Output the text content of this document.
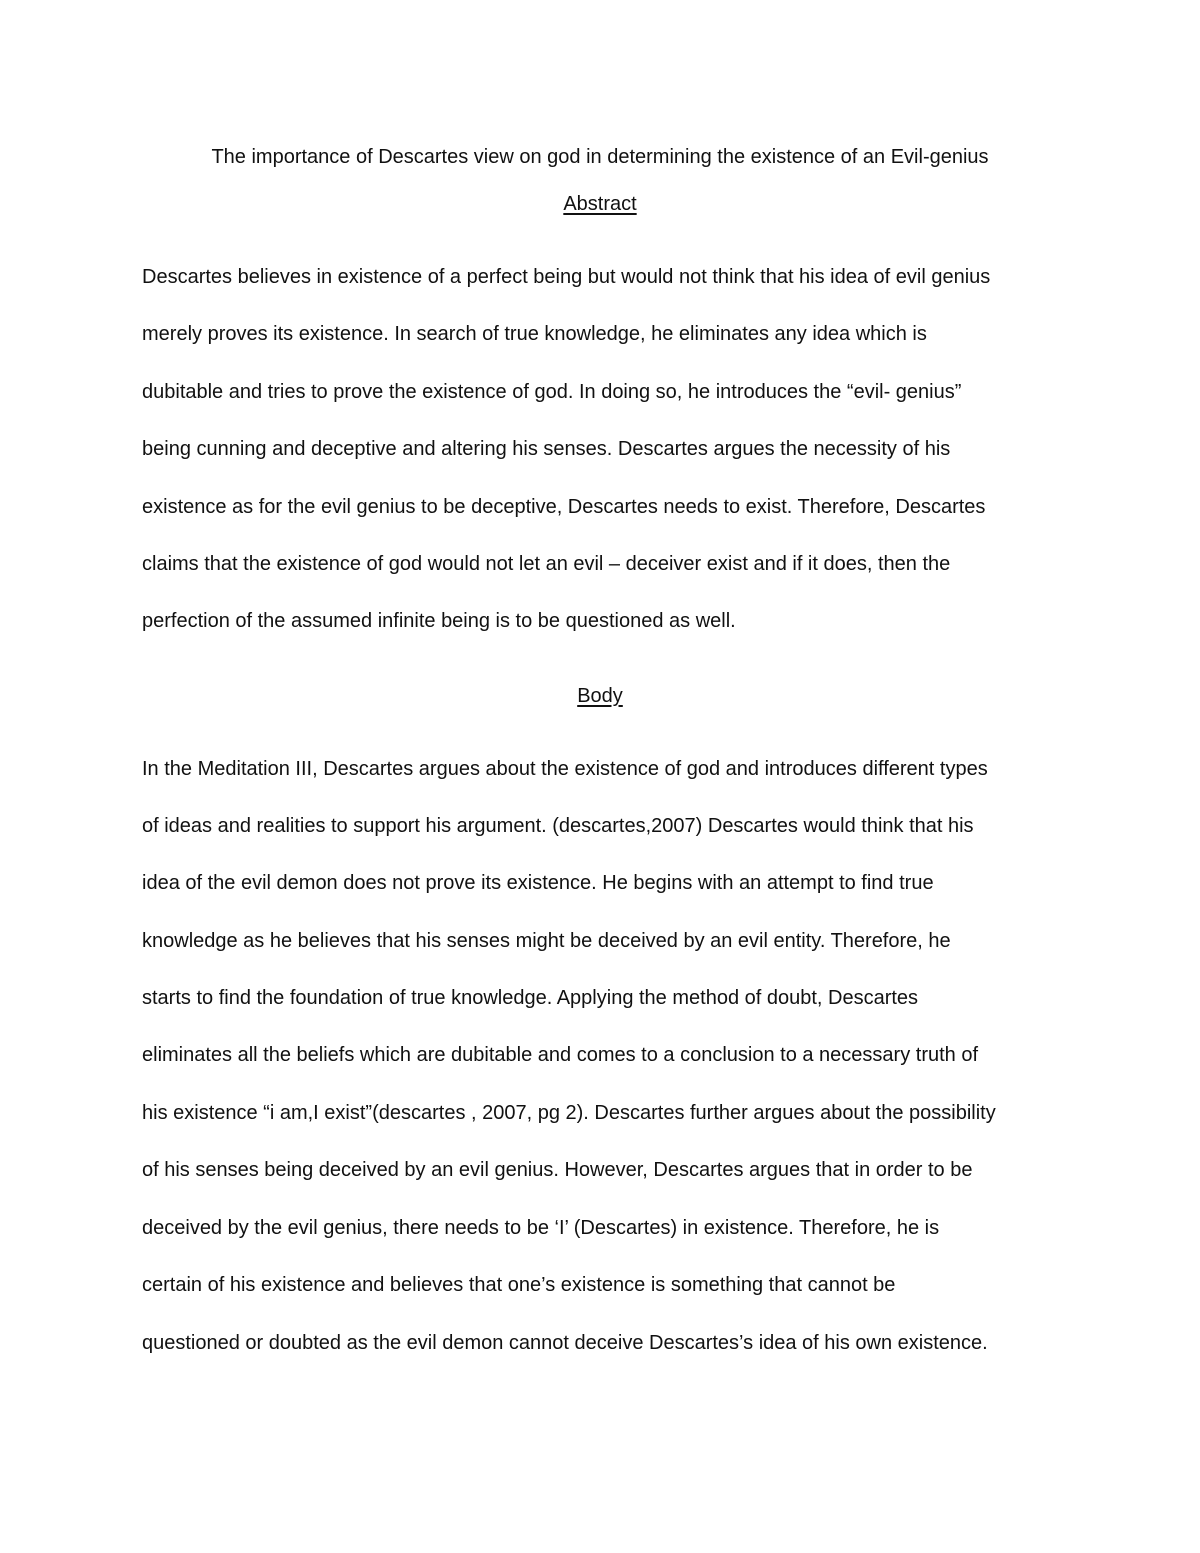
The importance of Descartes view on god in determining the existence of an Evil-genius

Abstract

Descartes believes in existence of a perfect being but would not think that his idea of evil genius

merely proves its existence. In search of true knowledge, he eliminates any idea which is

dubitable and tries to prove the existence of god. In doing so, he introduces the “evil- genius”

being cunning and deceptive and altering his senses. Descartes argues the necessity of his

existence as for the evil genius to be deceptive, Descartes needs to exist. Therefore, Descartes

claims that the existence of god would not let an evil – deceiver exist and if it does, then the

perfection of the assumed infinite being is to be questioned as well.

Body

In the Meditation III, Descartes argues about the existence of god and introduces different types

of ideas and realities to support his argument. (descartes,2007) Descartes would think that his

idea of the evil demon does not prove its existence. He begins with an attempt to find true

knowledge as he believes that his senses might be deceived by an evil entity. Therefore, he

starts to find the foundation of true knowledge. Applying the method of doubt, Descartes

eliminates all the beliefs which are dubitable and comes to a conclusion to a necessary truth of

his existence “i am,I exist”(descartes , 2007, pg 2). Descartes further argues about the possibility

of his senses being deceived by an evil genius. However, Descartes argues that in order to be

deceived by the evil genius, there needs to be ‘I’ (Descartes) in existence. Therefore, he is

certain of his existence and believes that one’s existence is something that cannot be

questioned or doubted as the evil demon cannot deceive Descartes’s idea of his own existence.
